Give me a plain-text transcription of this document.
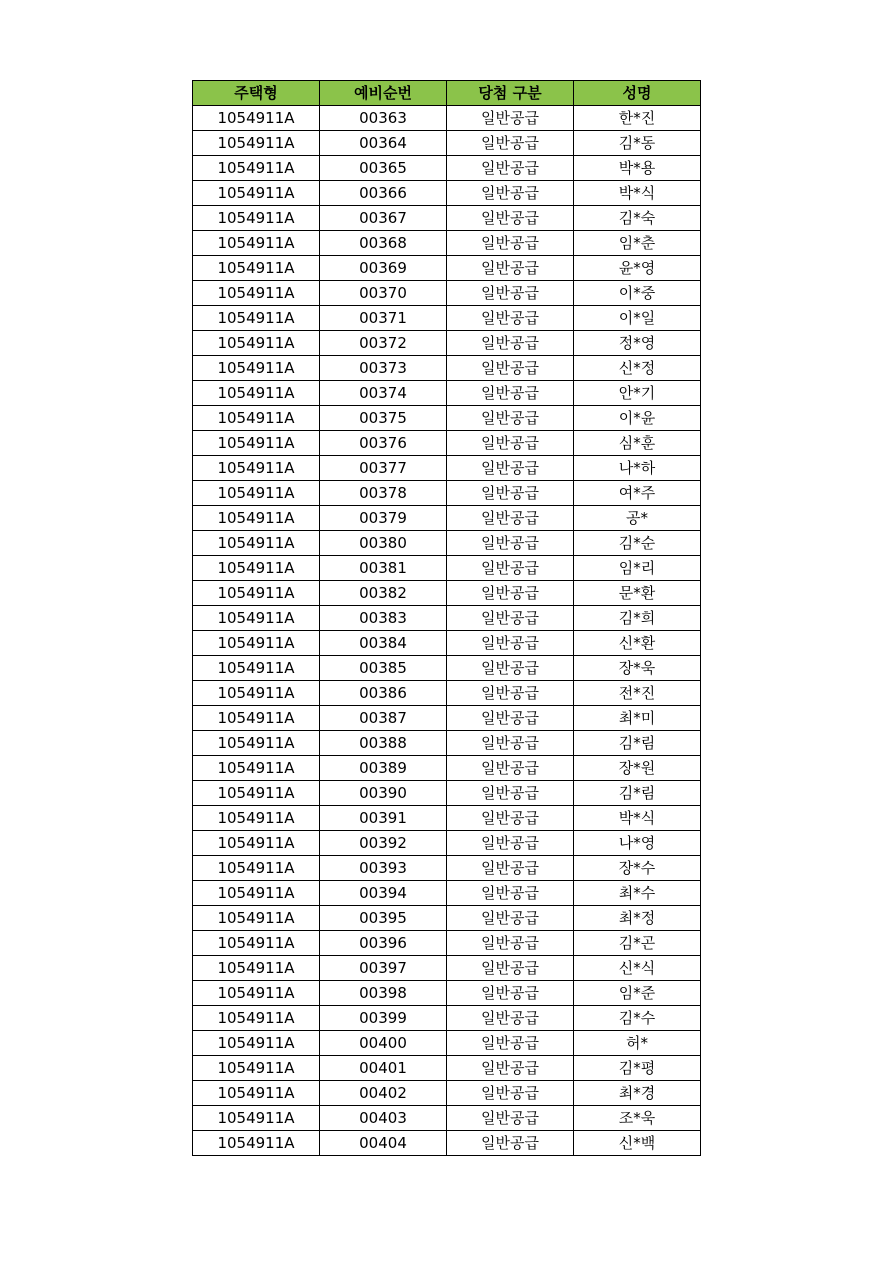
주택형	예비순번	당첨 구분	성명
1054911A	00363	일반공급	한*진
1054911A	00364	일반공급	김*동
1054911A	00365	일반공급	박*용
1054911A	00366	일반공급	박*식
1054911A	00367	일반공급	김*숙
1054911A	00368	일반공급	임*춘
1054911A	00369	일반공급	윤*영
1054911A	00370	일반공급	이*중
1054911A	00371	일반공급	이*일
1054911A	00372	일반공급	정*영
1054911A	00373	일반공급	신*정
1054911A	00374	일반공급	안*기
1054911A	00375	일반공급	이*윤
1054911A	00376	일반공급	심*훈
1054911A	00377	일반공급	나*하
1054911A	00378	일반공급	여*주
1054911A	00379	일반공급	공*
1054911A	00380	일반공급	김*순
1054911A	00381	일반공급	임*리
1054911A	00382	일반공급	문*환
1054911A	00383	일반공급	김*희
1054911A	00384	일반공급	신*환
1054911A	00385	일반공급	장*욱
1054911A	00386	일반공급	전*진
1054911A	00387	일반공급	최*미
1054911A	00388	일반공급	김*림
1054911A	00389	일반공급	장*원
1054911A	00390	일반공급	김*림
1054911A	00391	일반공급	박*식
1054911A	00392	일반공급	나*영
1054911A	00393	일반공급	장*수
1054911A	00394	일반공급	최*수
1054911A	00395	일반공급	최*정
1054911A	00396	일반공급	김*곤
1054911A	00397	일반공급	신*식
1054911A	00398	일반공급	임*준
1054911A	00399	일반공급	김*수
1054911A	00400	일반공급	허*
1054911A	00401	일반공급	김*평
1054911A	00402	일반공급	최*경
1054911A	00403	일반공급	조*욱
1054911A	00404	일반공급	신*백
